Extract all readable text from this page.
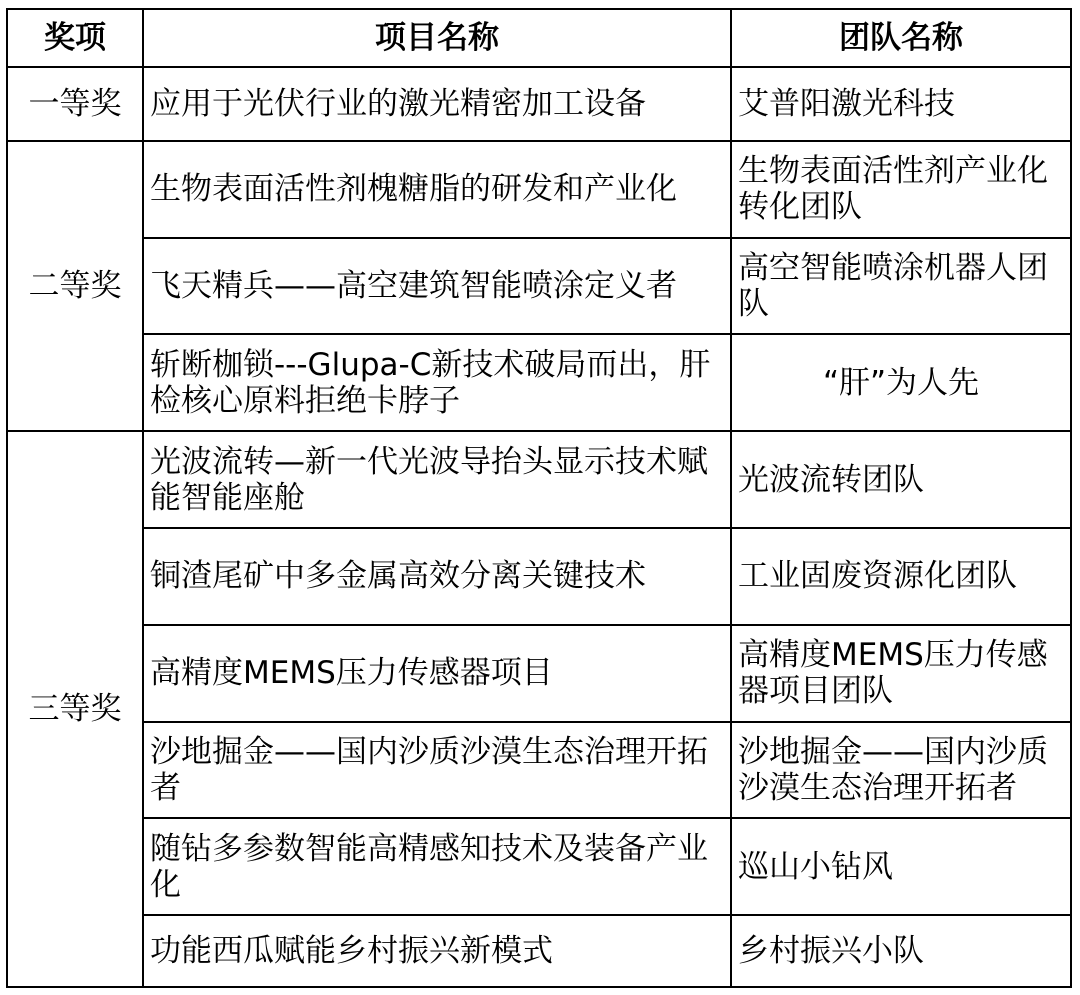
奖项	项目名称	团队名称
一等奖	应用于光伏行业的激光精密加工设备	艾普阳激光科技
二等奖	生物表面活性剂槐糖脂的研发和产业化	生物表面活性剂产业化转化团队
	飞天精兵——高空建筑智能喷涂定义者	高空智能喷涂机器人团队
	斩断枷锁---Glupa-C新技术破局而出，肝检核心原料拒绝卡脖子	“肝”为人先
三等奖	光波流转—新一代光波导抬头显示技术赋能智能座舱	光波流转团队
	铜渣尾矿中多金属高效分离关键技术	工业固废资源化团队
	高精度MEMS压力传感器项目	高精度MEMS压力传感器项目团队
	沙地掘金——国内沙质沙漠生态治理开拓者	沙地掘金——国内沙质沙漠生态治理开拓者
	随钻多参数智能高精感知技术及装备产业化	巡山小钻风
	功能西瓜赋能乡村振兴新模式	乡村振兴小队
